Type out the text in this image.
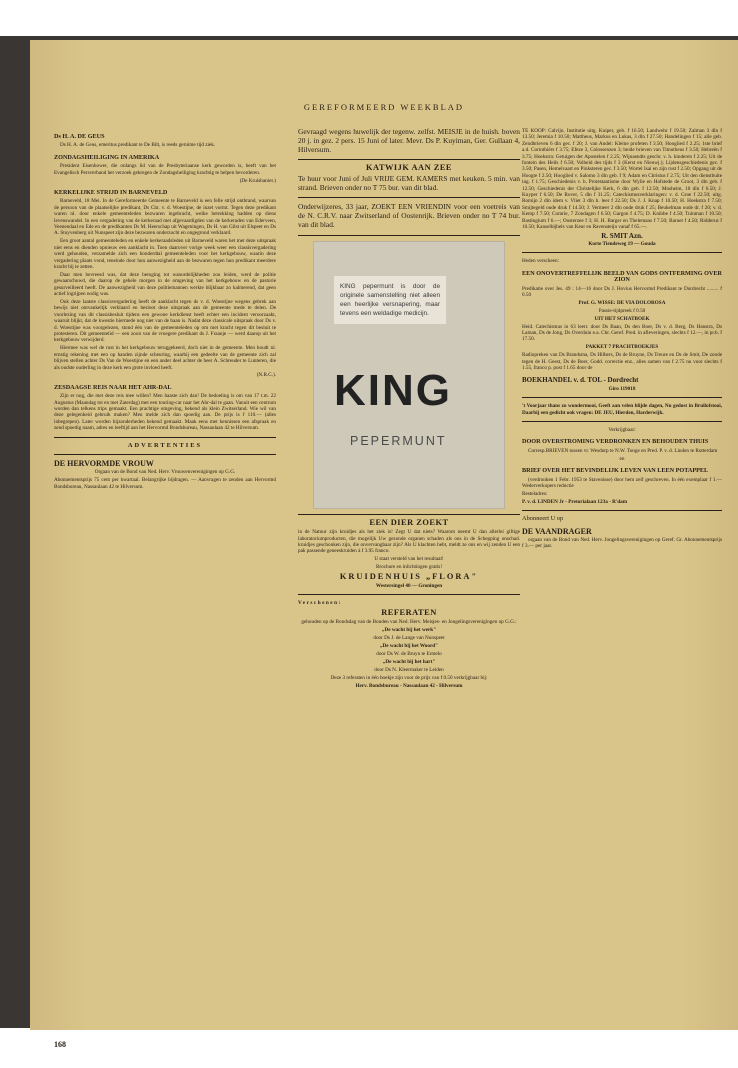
GEREFORMEERD WEEKBLAD
Ds H. A. DE GEUS

Ds H. A. de Geus, emeritus predikant te De Bilt, is reeds geruime tijd ziek.

ZONDAGSHEILIGING IN AMERIKA

President Eisenhower, die onlangs lid van de Presbyteriaanse kerk geworden is, heeft van het Evangelisch Persverband het verzoek gekregen de Zondagsheiliging krachtig te helpen bevorderen.

(De Kruisbanier.)

KERKELIJKE STRIJD IN BARNEVELD

Barneveld, 18 Mei. In de Gereformeerde Gemeente te Barneveld is een felle strijd ontbrand, waarvan de persoon van de plaatselijke predikant, Ds Chr. v. d. Woestijne, de inzet vormt. Tegen deze predikant waren nl. door enkele gemeenteleden bezwaren ingebracht, welke betrekking hadden op diens levenswandel. In een vergadering van de kerkeraad met afgevaardigden van de kerkeraden van Ederveen, Veenendaal en Ede en de predikanten Ds M. Heerschap uit Wageningen, Ds H. van Gilst uit Elspeet en Ds A. Stuyvenberg uit Nunspeet zijn deze bezwaren onderzocht en ongegrond verklaard.

Een groot aantal gemeenteleden en enkele kerkeraadsleden uit Barneveld waren het met deze uitspraak niet eens en dienden opnieuw een aanklacht in. Toen daarover vorige week weer een classisvergadering werd gehouden, verzamelde zich een honderdtal gemeenteleden voor het kerkgebouw, waarin deze vergadering plaats vond, teneinde door hun aanwezigheid aan de bezwaren tegen hun predikant meerdere kracht bij te zetten.

Daar men bevreesd was, dat deze betoging tot wanordelijkheden zou leiden, werd de politie gewaarschuwd, die daarop de gehele morgen in de omgeving van het kerkgebouw en de pastorie gesurveilleerd heeft. De aanwezigheid van deze politiemannen werkte blijkbaar zo kalmerend, dat geen actief ingrijpen nodig was.

Ook deze laatste classisvergadering heeft de aanklacht tegen ds v. d. Woestijne wegens gebrek aan bewijs niet ontvankelijk verklaard en besloot deze uitspraak aan de gemeente mede te delen. De voorlezing van dit classisbesluit tijdens een gewone kerkdienst heeft echter een incident veroorzaakt, waaruit blijkt, dat de kwestie hiermede nog niet van de baan is. Nadat deze classicale uitspraak door Ds v. d. Woestijne was voorgelezen, stond één van de gemeenteleden op om met kracht tegen dit besluit te protesteren. Dit gemeentelid — een zoon van de vroegere predikant ds J. Fraanje — werd daarop uit het kerkgebouw verwijderd.

Hiermee was wel de rust in het kerkgebouw teruggekeerd, doch niet in de gemeente. Men houdt nl. ernstig rekening met een op handen zijnde scheuring, waarbij een gedeelte van de gemeente zich zal blijven stellen achter Ds Van de Woestijne en een ander deel achter de heer A. Schreuder te Lunteren, die als oudste ouderling in deze kerk een grote invloed heeft.

(N.R.C.).

ZESDAAGSE REIS NAAR HET AHR-DAL

Zijn er nog, die met deze reis mee willen? Men haaste zich dan! De bedoeling is om van 17 t.m. 22 Augustus (Maandag tot en met Zaterdag) met een touring-car naar het Ahr-dal te gaan. Vanuit een centrum worden dan telkens trips gemaakt. Een prachtige omgeving, bekend als klein Zwitserland. Wie wil van deze gelegenheid gebruik maken? Men melde zich dan spoedig aan. De prijs is f 110.— (alles inbegrepen). Later worden bijzonderheden bekend gemaakt. Maak eens met kennissen een afspraak en zend spoedig naam, adres en leeftijd aan het Hervormd Bondsbureau, Nassaulaan 42 te Hilversum.

ADVERTENTIES
DE HERVORMDE VROUW

Orgaan van de Bond van Ned. Herv. Vrouwenverenigingen op G.G.

Abonnementsprijs 75 cent per kwartaal. Belangrijke bijdragen. — Aanvragen te zenden aan Hervormd Bondsbureau, Nassaulaan 42 te Hilversum.

Gevraagd wegens huwelijk der tegenw. zelfst. MEISJE in de huish. boven 20 j. in gez. 2 pers. 15 Juni of later. Mevr. Ds P. Kuyiman, Ger. Gullaan 4, Hilversum.

KATWIJK AAN ZEE

Te huur voor Juni of Juli VRIJE GEM. KAMERS met keuken. 5 min. van strand. Brieven onder no T 75 bur. van dit blad.

Onderwijzeres, 33 jaar, ZOEKT EEN VRIENDIN voor een voetreis van de N. C.R.V. naar Zwitserland of Oostenrijk. Brieven onder no T 74 bur. van dit blad.

KING pepermunt is door de originele samenstelling niet alleen een heerlijke versnapering, maar tevens een weldadige medicijn.
KING
PEPERMUNT
EEN DIER ZOEKT

in de Natuur zijn kruidjes als het ziek is! Zegt U dat niets? Waarom neemt U dan allerlei giftige laboratoriumproducten, die mogelijk Uw gezonde organen schaden als ons in de Schepping onschad. kruidjes geschonken zijn, die onvervangbaar zijn? Als U klachten hebt, meldt ze ons en wij zenden U een pak passende geneeskruiden à f 3.95 franco.

U staat versteld van het resultaat!

Brochure en inlichtingen gratis!

KRUIDENHUIS „FLORA"

Westersingel 40 — Groningen

Verschenen:

REFERATEN

gehouden op de Bondsdag van de Bonden van Ned. Herv. Meisjes- en Jongelingsverenigingen op G.G.:

„De wacht bij het werk"

door Ds J. de Lange van Nunspeet

„De wacht bij het Woord"

door Ds W. de Bruyn te Ermelo

„De wacht bij het hart"

door Ds N. Kleermaker te Leiden

Deze 3 referaten in één boekje zijn voor de prijs van f 0.50 verkrijgbaar bij:

Herv. Bondsbureau - Nassaulaan 42 - Hilversum

TE KOOP: Calvijn, Institutie uitg. Kuiper, geb. f 16.50; Landwehr f 19.50; Zalman 3 dln f 13.50; Jeremia f 10.50; Mattheus, Markus en Lukas, 3 dln f 27.50; Handelingen f 15; alle geb. Zendbrieven 6 dln gec. f 20; J. van Andel: Kleine profeten f 3.50; Hooglied f 2.25; 1ste brief a.d. Corinthiërs f 3.75; Efeze 3, Colossenzen 3; beide brieven van Timotheus f 3.50; Hebreën f 3.75; Hoekstra: Getuigen der Apostelen f 2.25; Wijnaendts geschr. v. h. kinderen f 2.25; Uit de fontein des Heils f 6.50; Volheid des tijds f 3 (Kerst en Nieuwj.); Lijdensgeschiedenis gec. f 3.50; Pasen, Hemelvaart en Pinksteren gec. f 3.50; Wortel Isaï en zijn rust f 2.50; Opgang uit de Hoogte f 2.50; Hooglied v. Salomo 3 dln geb. f 9; Adam en Christus f 2.75; Uit den dienstbuite ing. f 1.75; Geschiedenis v. h. Protestantisme door Wylie en Hofstede de Groot, 3 dln geb. f 12.50; Geschiedenis der Christelijke Kerk, 6 dln geb. f 12.50; Mosheim, 10 dln f 6.50; J. Kuyper f 6.50; De Rover, 5 dln f 31.25; Catechismusverklaringen: v. d. Groe f 22.50; uitg. Romijn 2 dln idem v. Vliet 3 dln h. leer f 22.50; Ds J. J. Knap f 10.50; H. Hoekstra f 7.50; Smijtegeld oude druk f 14.50; J. Vermeer 2 dln oude druk f 25; Beukelman oude dr. f 20; v. d. Kemp f 7.50; Comrie, 7 Zondagen f 6.50; Gargon f 4.75; D. Knibbe f 4.50; Tuinman f 10.50; Bastingium f 6.—; Oosterzee f 3; H. H. Barger en Thelemans f 7.50; Baruet f 4.50; Ridderus f 10.50; Kanselbijbels van Keur en Ravensteijn vanaf f 65.—.

R. SMIT Azn.

Korte Tiendeweg 19 — Gouda

Heden verscheen:

EEN ONOVERTREFFELIJK BEELD VAN GODS ONTFERMING OVER ZION

Predikatie over Jes. 49 : 14—16 door Ds J. Hovius Hervormd Predikant te Dordrecht ......... f 0.50

Prof. G. WISSE: DE VIA DOLOROSA

Passie-tijdpreek f 0.50

UIT HET SCHATBOEK

Heid. Catechismus in 63 leerr. door Ds Baan, Ds den Boer, Ds v. d. Berg, Ds Hanstra, Ds Laman, Ds de Jong, Ds Overduin e.a. Chr. Geref. Pred. in afleveringen, slechts f 12.—, in pr.b. f 17.50.

PAKKET 7 PRACHTBOEKJES

Radiopreken van Ds Brandsma, Ds Hilbers, Ds de Bruyne, Ds Treure en Ds de Smit, De zonde tegen de H. Geest, Ds de Boer, Godd. correctie enz., alles samen van f 2.75 nu voor slechts f 1.55, franco p. post f 1.65 door de

BOEKHANDEL v. d. TOL - Dordrecht

Giro 119018

't Voorjaar thans zo wondermooi, Geeft aan velen blijde dagen, Nu gedost in Bruilofstooi, Daarbij een gedicht ook vragen: DE JEU, Hierden, Harderwijk.

Verkrijgbaar:

DOOR OVERSTROMING VERDRONKEN EN BEHOUDEN THUIS

Corresp.BRIEVEN tussen vr. Wesdorp te N.W. Tonge en Pred. P. v. d. Linden te Rotterdam

en

BRIEF OVER HET BEVINDELIJK LEVEN VAN LEEN POTAPPEL

(verdronken 1 Febr. 1953 te Stavenisse) door hem zelf geschreven. In één exemplaar f 1.— Wederverkopers reductie

Besteladres:

P. v. d. LINDEN Jr - Pretorialaan 123a - R'dam

Abonneert U op

DE VAANDRAGER

orgaan van de Bond van Ned. Herv. Jongelingsverenigingen op Geref. Gr. Abonnementsprijs f 3.— per jaar.

168
